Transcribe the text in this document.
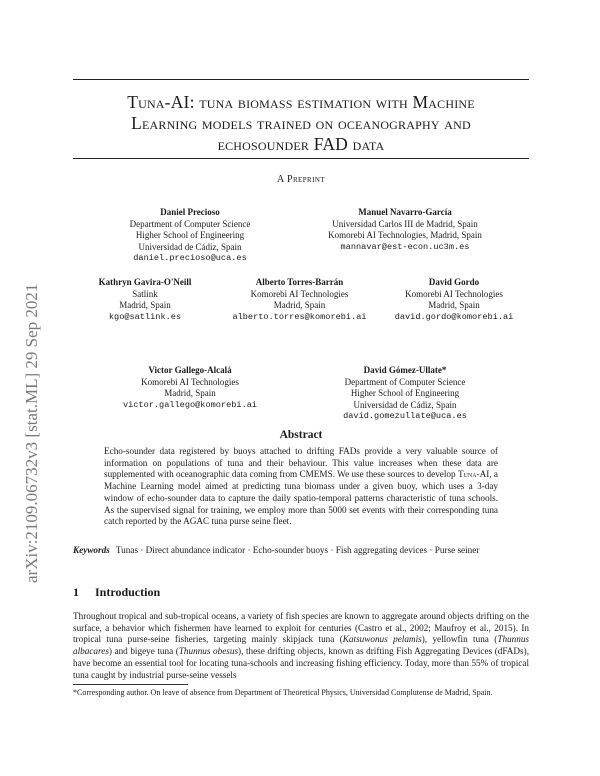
arXiv:2109.06732v3 [stat.ML] 29 Sep 2021
Tuna-AI: tuna biomass estimation with Machine
Learning models trained on oceanography and
echosounder FAD data
A Preprint
Daniel Precioso
Department of Computer Science
Higher School of Engineering
Universidad de Cádiz, Spain
daniel.precioso@uca.es
Manuel Navarro-García
Universidad Carlos III de Madrid, Spain
Komorebi AI Technologies, Madrid, Spain
mannavar@est-econ.uc3m.es
Kathryn Gavira-O'Neill
Satlink
Madrid, Spain
kgo@satlink.es
Alberto Torres-Barrán
Komorebi AI Technologies
Madrid, Spain
alberto.torres@komorebi.ai
David Gordo
Komorebi AI Technologies
Madrid, Spain
david.gordo@komorebi.ai
Victor Gallego-Alcalá
Komorebi AI Technologies
Madrid, Spain
victor.gallego@komorebi.ai
David Gómez-Ullate*
Department of Computer Science
Higher School of Engineering
Universidad de Cádiz, Spain
david.gomezullate@uca.es
Abstract
Echo-sounder data registered by buoys attached to drifting FADs provide a very valuable source of information on populations of tuna and their behaviour. This value increases when these data are supplemented with oceanographic data coming from CMEMS. We use these sources to develop Tuna-AI, a Machine Learning model aimed at predicting tuna biomass under a given buoy, which uses a 3-day window of echo-sounder data to capture the daily spatio-temporal patterns characteristic of tuna schools. As the supervised signal for training, we employ more than 5000 set events with their corresponding tuna catch reported by the AGAC tuna purse seine fleet.
Keywords Tunas · Direct abundance indicator · Echo-sounder buoys · Fish aggregating devices · Purse seiner
1 Introduction

Throughout tropical and sub-tropical oceans, a variety of fish species are known to aggregate around objects drifting on the surface, a behavior which fishermen have learned to exploit for centuries (Castro et al., 2002; Maufroy et al., 2015). In tropical tuna purse-seine fisheries, targeting mainly skipjack tuna (Katsuwonus pelamis), yellowfin tuna (Thunnus albacares) and bigeye tuna (Thunnus obesus), these drifting objects, known as drifting Fish Aggregating Devices (dFADs), have become an essential tool for locating tuna-schools and increasing fishing efficiency. Today, more than 55% of tropical tuna caught by industrial purse-seine vessels

*Corresponding author. On leave of absence from Department of Theoretical Physics, Universidad Complutense de Madrid, Spain.
